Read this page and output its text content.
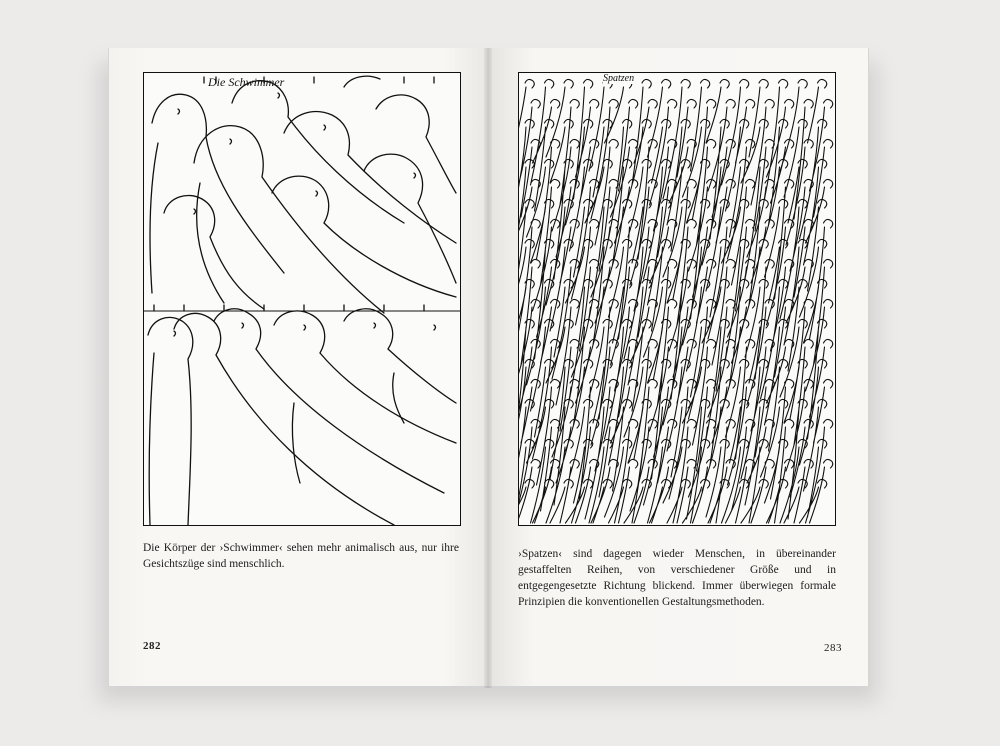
Die Schwimmer
Die Körper der ›Schwimmer‹ sehen mehr animalisch aus, nur ihre Gesichtszüge sind menschlich.
282
Spatzen
›Spatzen‹ sind dagegen wieder Menschen, in übereinander gestaffelten Reihen, von verschiedener Größe und in entgegengesetzte Richtung blickend. Immer überwiegen formale Prinzipien die konventionellen Gestaltungsmethoden.
283
